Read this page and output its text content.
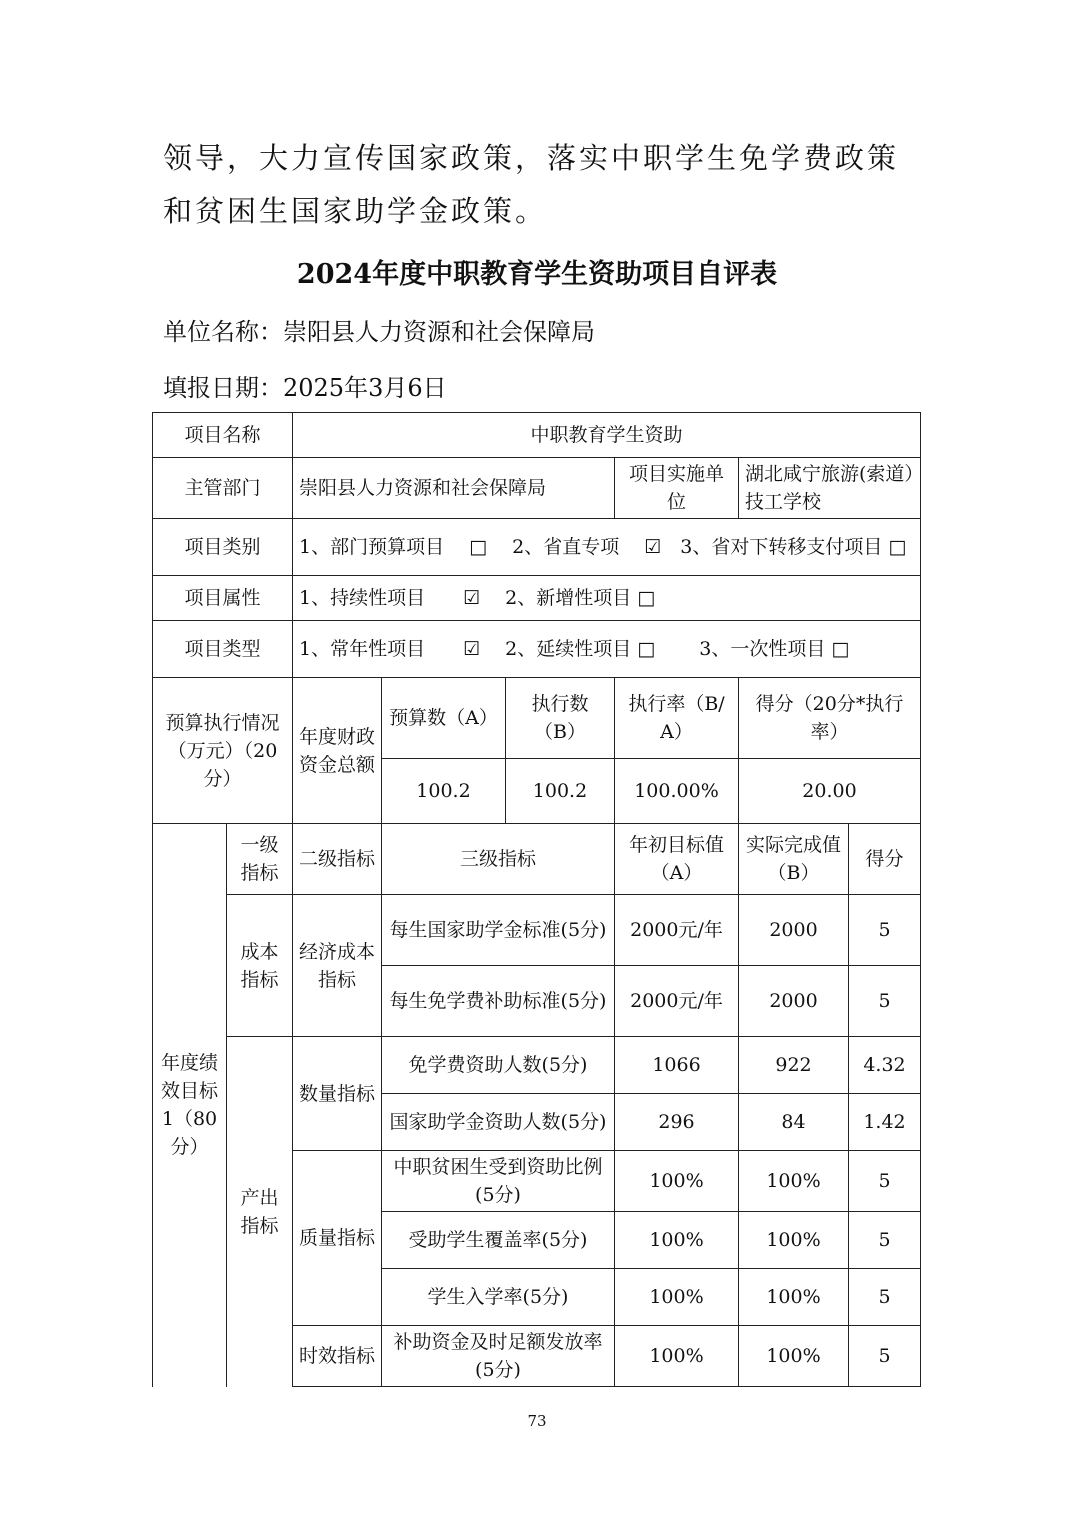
领导，大力宣传国家政策，落实中职学生免学费政策和贫困生国家助学金政策。
2024年度中职教育学生资助项目自评表
单位名称：崇阳县人力资源和社会保障局
填报日期：2025年3月6日
项目名称		中职教育学生资助					
主管部门		崇阳县人力资源和社会保障局			项目实施单位	湖北咸宁旅游(索道）技工学校	
项目类别		1、部门预算项目　 □　 2、省直专项　 ☑　3、省对下转移支付项目 □					
项目属性		1、持续性项目　　☑　 2、新增性项目 □					
项目类型		1、常年性项目　　☑　 2、延续性项目 □　　 3、一次性项目 □					
预算执行情况（万元）（20分）		年度财政资金总额	预算数（A）	执行数（B）	执行率（B/A）	得分（20分*执行率）	
			100.2	100.2	100.00%	20.00	
年度绩效目标1（80分）	一级指标	二级指标	三级指标		年初目标值（A）	实际完成值（B）	得分
	成本指标	经济成本指标	每生国家助学金标准(5分)		2000元/年	2000	5
			每生免学费补助标准(5分)		2000元/年	2000	5
	产出指标	数量指标	免学费资助人数(5分)		1066	922	4.32
			国家助学金资助人数(5分)		296	84	1.42
		质量指标	中职贫困生受到资助比例(5分)		100%	100%	5
			受助学生覆盖率(5分)		100%	100%	5
			学生入学率(5分)		100%	100%	5
		时效指标	补助资金及时足额发放率(5分)		100%	100%	5
73
